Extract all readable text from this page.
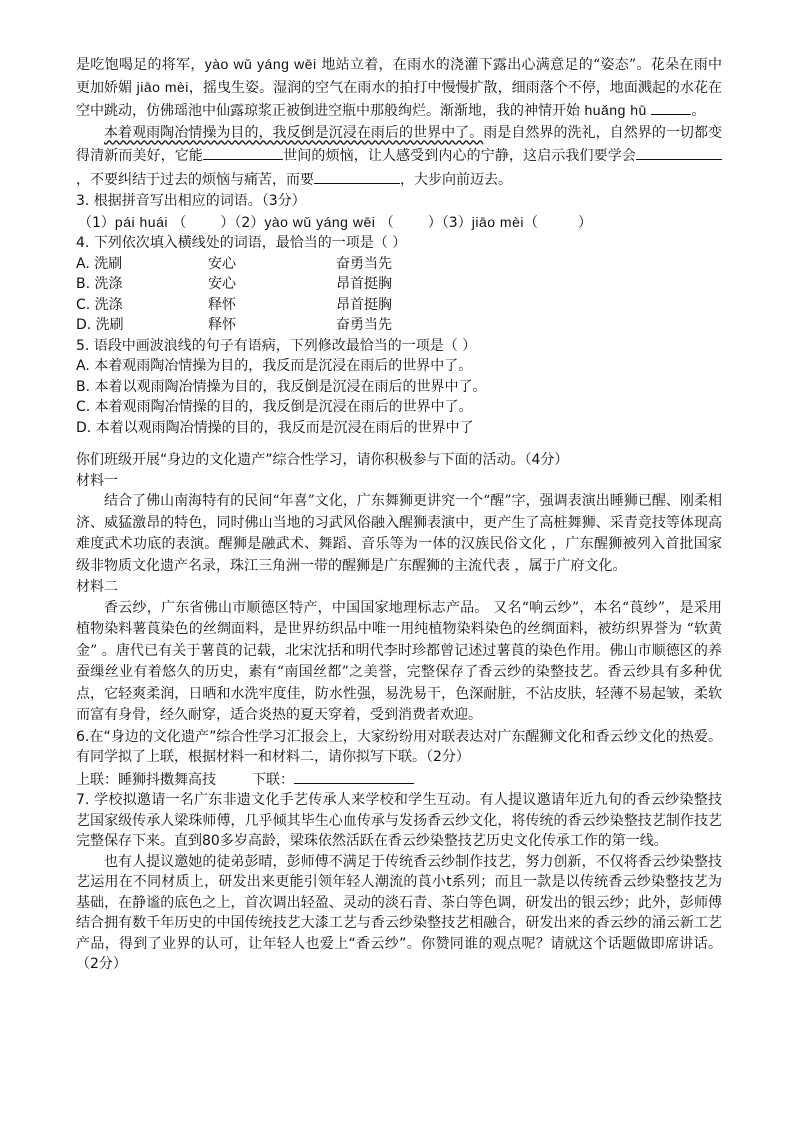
是吃饱喝足的将军，yào wǔ yáng wēi 地站立着，在雨水的浇灌下露出心满意足的“姿态”。花朵在雨中更加娇媚 jiāo mèi，摇曳生姿。湿润的空气在雨水的拍打中慢慢扩散，细雨落个不停，地面溅起的水花在空中跳动，仿佛瑶池中仙露琼浆正被倒进空瓶中那般绚烂。渐渐地，我的神情开始 huǎng hū	。

本着观雨陶冶情操为目的，我反倒是沉浸在雨后的世界中了。雨是自然界的洗礼，自然界的一切都变得清新而美好，它能	世间的烦恼，让人感受到内心的宁静，这启示我们要学会，不要纠结于过去的烦恼与痛苦，而要	，大步向前迈去。

3. 根据拼音写出相应的词语。（3分）

（1）pái huái （ ）（2）yào wǔ yáng wēi （ ）（3）jiāo mèi（	）

4. 下列依次填入横线处的词语，最恰当的一项是（ ）

A. 洗刷	安心	奋勇当先
B. 洗涤	安心	昂首挺胸
C. 洗涤	释怀	昂首挺胸
D. 洗刷	释怀	奋勇当先

5. 语段中画波浪线的句子有语病，下列修改最恰当的一项是（ ）

A. 本着观雨陶冶情操为目的，我反而是沉浸在雨后的世界中了。

B. 本着以观雨陶冶情操为目的，我反倒是沉浸在雨后的世界中了。

C. 本着观雨陶冶情操的目的，我反倒是沉浸在雨后的世界中了。

D. 本着以观雨陶冶情操的目的，我反而是沉浸在雨后的世界中了

你们班级开展“身边的文化遗产”综合性学习，请你积极参与下面的活动。（4分）

材料一

结合了佛山南海特有的民间“年喜”文化，广东舞狮更讲究一个“醒”字，强调表演出睡狮已醒、刚柔相济、威猛激昂的特色，同时佛山当地的习武风俗融入醒狮表演中，更产生了高桩舞狮、采青竞技等体现高难度武术功底的表演。醒狮是融武术、舞蹈、音乐等为一体的汉族民俗文化 ，广东醒狮被列入首批国家级非物质文化遗产名录，珠江三角洲一带的醒狮是广东醒狮的主流代表 ，属于广府文化。

材料二

香云纱，广东省佛山市顺德区特产，中国国家地理标志产品。 又名“响云纱”，本名“莨纱”，是采用植物染料薯莨染色的丝绸面料，是世界纺织品中唯一用纯植物染料染色的丝绸面料，被纺织界誉为 “软黄金” 。唐代已有关于薯莨的记载，北宋沈括和明代李时珍都曾记述过薯莨的染色作用。佛山市顺德区的养蚕缫丝业有着悠久的历史，素有“南国丝都”之美誉，完整保存了香云纱的染整技艺。香云纱具有多种优点，它轻爽柔润，日晒和水洗牢度佳，防水性强，易洗易干，色深耐脏，不沾皮肤，轻薄不易起皱，柔软而富有身骨，经久耐穿，适合炎热的夏天穿着，受到消费者欢迎。

6.在“身边的文化遗产”综合性学习汇报会上，大家纷纷用对联表达对广东醒狮文化和香云纱文化的热爱。有同学拟了上联，根据材料一和材料二，请你拟写下联。（2分）

上联：睡狮抖擞舞高技	下联：

7. 学校拟邀请一名广东非遗文化手艺传承人来学校和学生互动。有人提议邀请年近九旬的香云纱染整技艺国家级传承人梁珠师傅，几乎倾其毕生心血传承与发扬香云纱文化，将传统的香云纱染整技艺制作技艺完整保存下来。直到80多岁高龄，梁珠依然活跃在香云纱染整技艺历史文化传承工作的第一线。

也有人提议邀她的徒弟彭晴，彭师傅不满足于传统香云纱制作技艺，努力创新，不仅将香云纱染整技艺运用在不同材质上，研发出来更能引领年轻人潮流的莨小t系列；而且一款是以传统香云纱染整技艺为基础，在静谧的底色之上，首次调出轻盈、灵动的淡石青、茶白等色调，研发出的银云纱；此外，彭师傅结合拥有数千年历史的中国传统技艺大漆工艺与香云纱染整技艺相融合，研发出来的香云纱的涌云新工艺产品，得到了业界的认可，让年轻人也爱上“香云纱”。你赞同谁的观点呢？请就这个话题做即席讲话。（2分）
